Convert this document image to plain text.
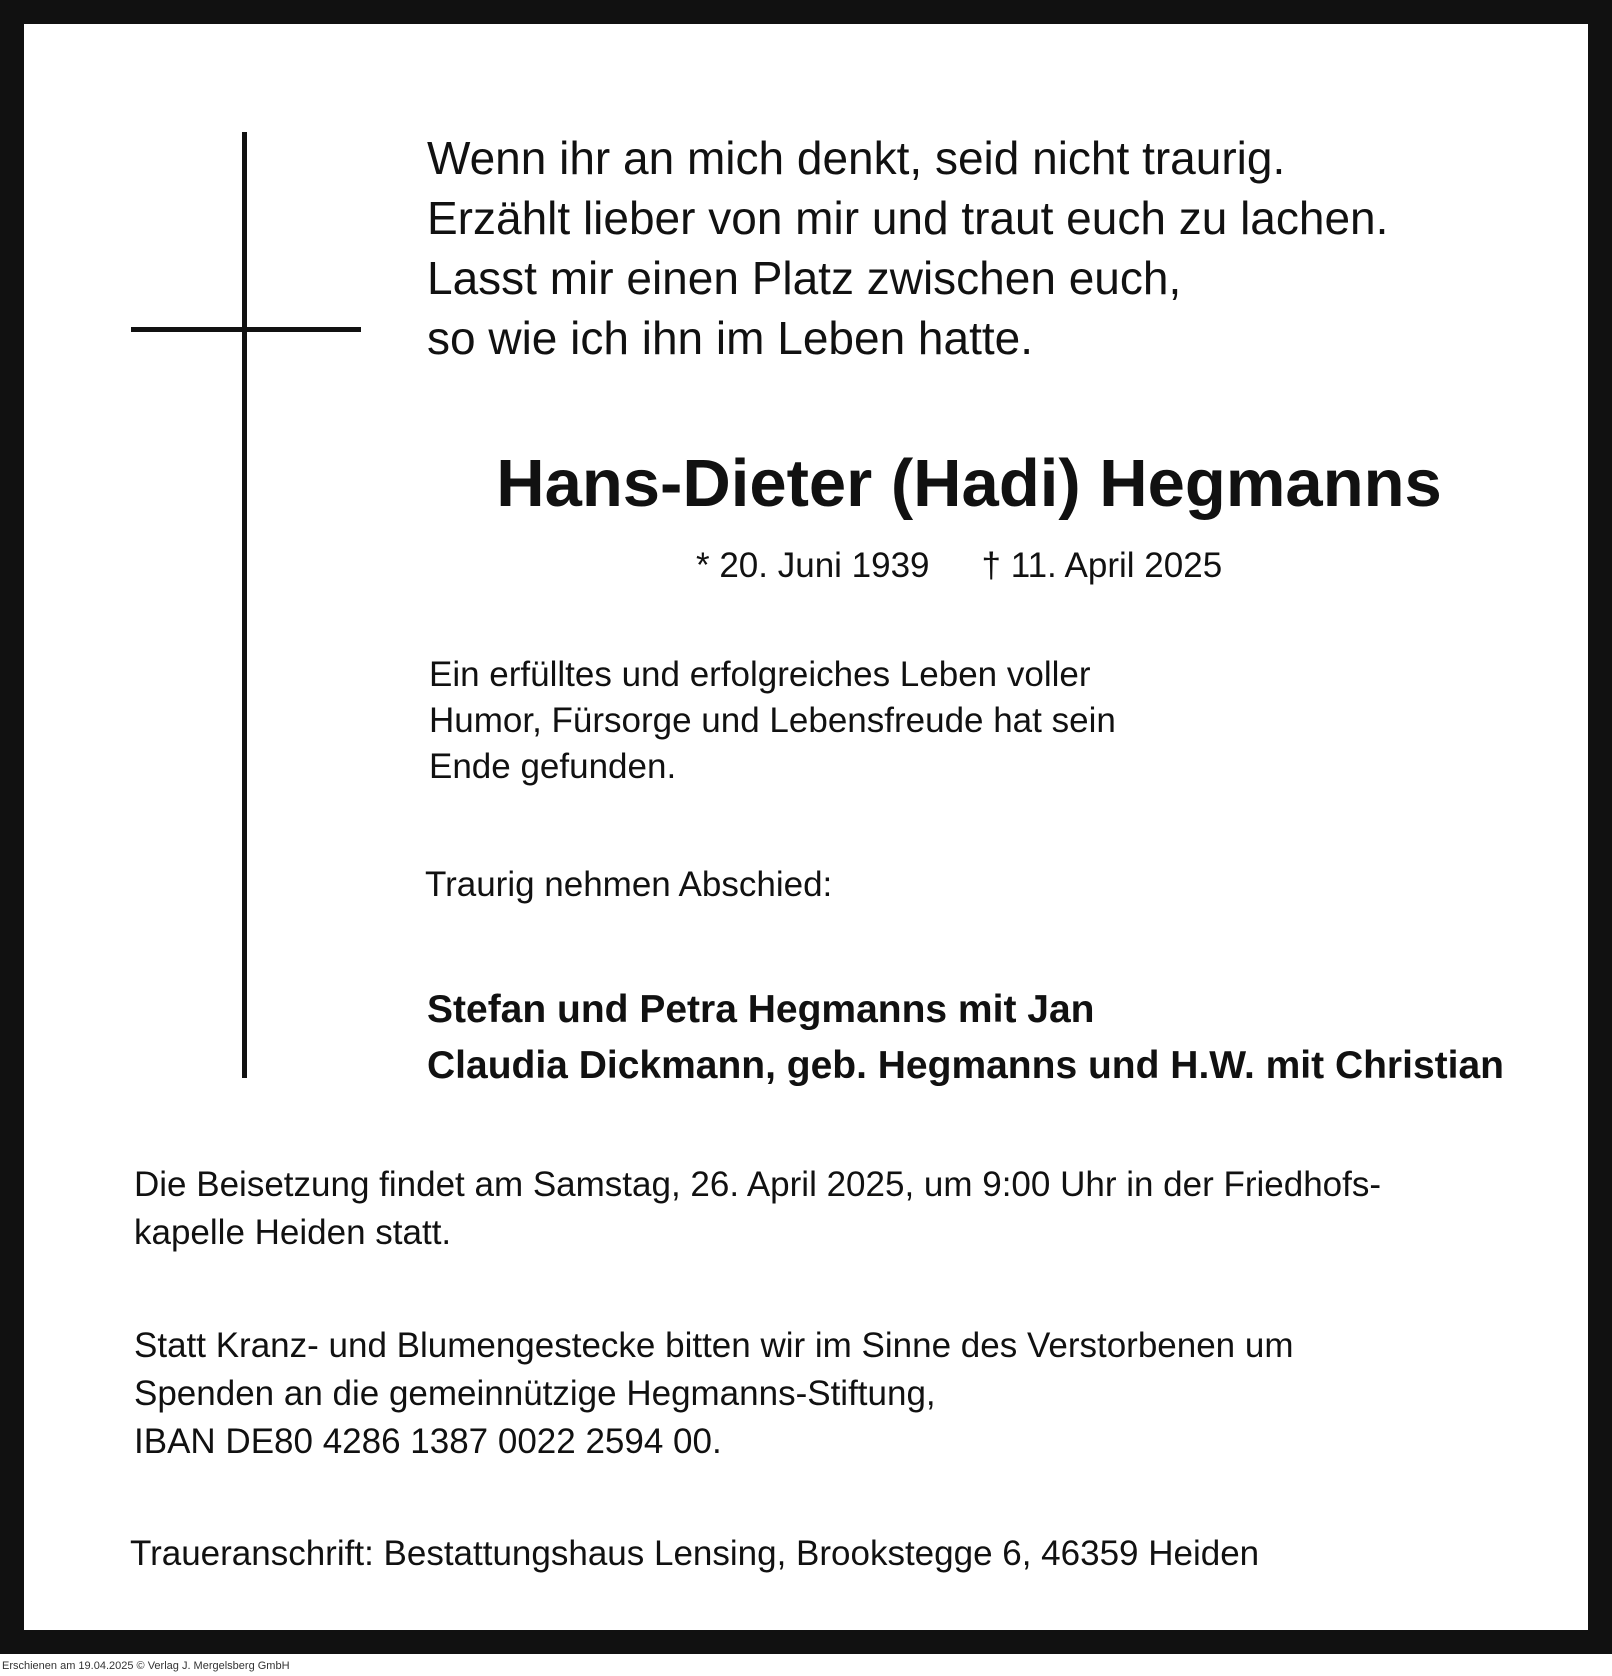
Wenn ihr an mich denkt, seid nicht traurig.
Erzählt lieber von mir und traut euch zu lachen.
Lasst mir einen Platz zwischen euch,
so wie ich ihn im Leben hatte.
Hans-Dieter (Hadi) Hegmanns
* 20. Juni 1939 † 11. April 2025
Ein erfülltes und erfolgreiches Leben voller
Humor, Fürsorge und Lebensfreude hat sein
Ende gefunden.
Traurig nehmen Abschied:
Stefan und Petra Hegmanns mit Jan
Claudia Dickmann, geb. Hegmanns und H.W. mit Christian
Die Beisetzung findet am Samstag, 26. April 2025, um 9:00 Uhr in der Friedhofs-
kapelle Heiden statt.
Statt Kranz- und Blumengestecke bitten wir im Sinne des Verstorbenen um
Spenden an die gemeinnützige Hegmanns-Stiftung,
IBAN DE80 4286 1387 0022 2594 00.
Traueranschrift: Bestattungshaus Lensing, Brookstegge 6, 46359 Heiden
Erschienen am 19.04.2025 © Verlag J. Mergelsberg GmbH
